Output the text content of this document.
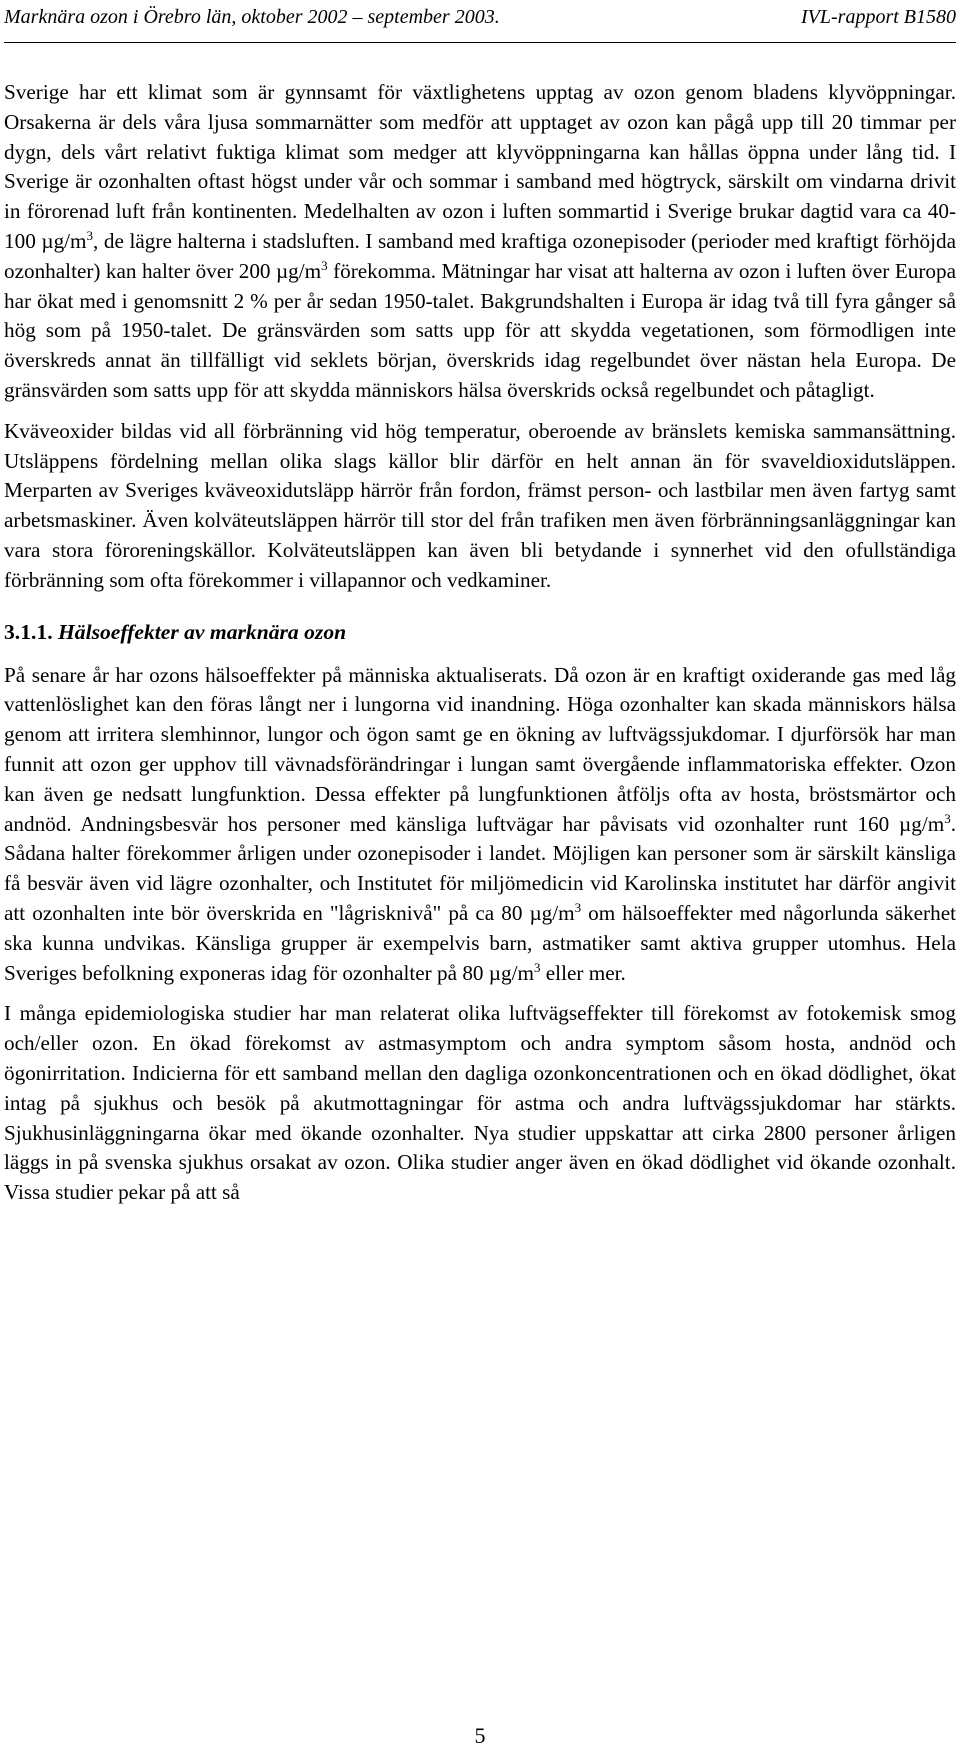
Marknära ozon i Örebro län, oktober 2002 – september 2003.	IVL-rapport B1580

Sverige har ett klimat som är gynnsamt för växtlighetens upptag av ozon genom bladens klyvöppningar. Orsakerna är dels våra ljusa sommarnätter som medför att upptaget av ozon kan pågå upp till 20 timmar per dygn, dels vårt relativt fuktiga klimat som medger att klyvöppningarna kan hållas öppna under lång tid. I Sverige är ozonhalten oftast högst under vår och sommar i samband med högtryck, särskilt om vindarna drivit in förorenad luft från kontinenten. Medelhalten av ozon i luften sommartid i Sverige brukar dagtid vara ca 40-100 $\mu g/m^3$, de lägre halterna i stadsluften. I samband med kraftiga ozonepisoder (perioder med kraftigt förhöjda ozonhalter) kan halter över 200 $\mu g/m^3$ förekomma. Mätningar har visat att halterna av ozon i luften över Europa har ökat med i genomsnitt 2 % per år sedan 1950-talet. Bakgrundshalten i Europa är idag två till fyra gånger så hög som på 1950-talet. De gränsvärden som satts upp för att skydda vegetationen, som förmodligen inte överskreds annat än tillfälligt vid seklets början, överskrids idag regelbundet över nästan hela Europa. De gränsvärden som satts upp för att skydda människors hälsa överskrids också regelbundet och påtagligt.

Kväveoxider bildas vid all förbränning vid hög temperatur, oberoende av bränslets kemiska sammansättning. Utsläppens fördelning mellan olika slags källor blir därför en helt annan än för svaveldioxidutsläppen. Merparten av Sveriges kväveoxidutsläpp härrör från fordon, främst person- och lastbilar men även fartyg samt arbetsmaskiner. Även kolväteutsläppen härrör till stor del från trafiken men även förbränningsanläggningar kan vara stora föroreningskällor. Kolväteutsläppen kan även bli betydande i synnerhet vid den ofullständiga förbränning som ofta förekommer i villapannor och vedkaminer.

3.1.1. Hälsoeffekter av marknära ozon

På senare år har ozons hälsoeffekter på människa aktualiserats. Då ozon är en kraftigt oxiderande gas med låg vattenlöslighet kan den föras långt ner i lungorna vid inandning. Höga ozonhalter kan skada människors hälsa genom att irritera slemhinnor, lungor och ögon samt ge en ökning av luftvägssjukdomar. I djurförsök har man funnit att ozon ger upphov till vävnadsförändringar i lungan samt övergående inflammatoriska effekter. Ozon kan även ge nedsatt lungfunktion. Dessa effekter på lungfunktionen åtföljs ofta av hosta, bröstsmärtor och andnöd. Andningsbesvär hos personer med känsliga luftvägar har påvisats vid ozonhalter runt 160 $\mu g/m^3$. Sådana halter förekommer årligen under ozonepisoder i landet. Möjligen kan personer som är särskilt känsliga få besvär även vid lägre ozonhalter, och Institutet för miljömedicin vid Karolinska institutet har därför angivit att ozonhalten inte bör överskrida en "lågrisknivå" på ca 80 $\mu g/m^3$ om hälsoeffekter med någorlunda säkerhet ska kunna undvikas. Känsliga grupper är exempelvis barn, astmatiker samt aktiva grupper utomhus. Hela Sveriges befolkning exponeras idag för ozonhalter på 80 $\mu g/m^3$ eller mer.

I många epidemiologiska studier har man relaterat olika luftvägseffekter till förekomst av fotokemisk smog och/eller ozon. En ökad förekomst av astmasymptom och andra symptom såsom hosta, andnöd och ögonirritation. Indicierna för ett samband mellan den dagliga ozonkoncentrationen och en ökad dödlighet, ökat intag på sjukhus och besök på akutmottagningar för astma och andra luftvägssjukdomar har stärkts. Sjukhusinläggningarna ökar med ökande ozonhalter. Nya studier uppskattar att cirka 2800 personer årligen läggs in på svenska sjukhus orsakat av ozon. Olika studier anger även en ökad dödlighet vid ökande ozonhalt. Vissa studier pekar på att så

5
